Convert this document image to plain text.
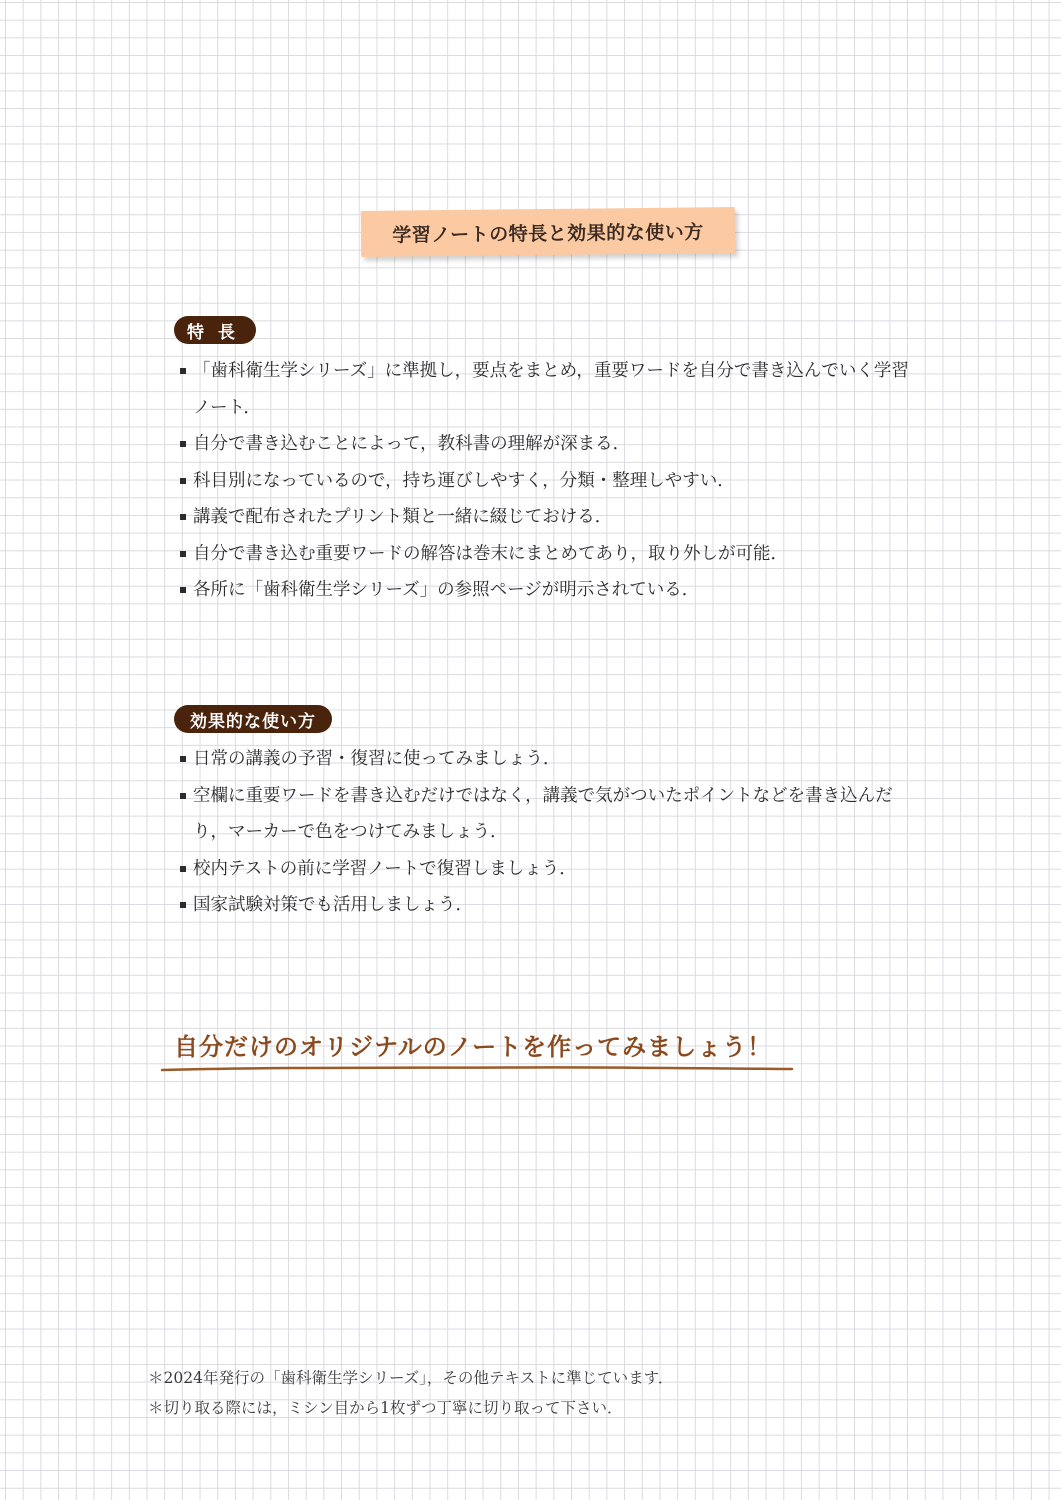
学習ノートの特長と効果的な使い方
特長
「歯科衛生学シリーズ」に準拠し，要点をまとめ，重要ワードを自分で書き込んでいく学習ノート．
自分で書き込むことによって，教科書の理解が深まる．
科目別になっているので，持ち運びしやすく，分類・整理しやすい．
講義で配布されたプリント類と一緒に綴じておける．
自分で書き込む重要ワードの解答は巻末にまとめてあり，取り外しが可能．
各所に「歯科衛生学シリーズ」の参照ページが明示されている．
効果的な使い方
日常の講義の予習・復習に使ってみましょう．
空欄に重要ワードを書き込むだけではなく，講義で気がついたポイントなどを書き込んだり，マーカーで色をつけてみましょう．
校内テストの前に学習ノートで復習しましょう．
国家試験対策でも活用しましょう．
自分だけのオリジナルのノートを作ってみましょう！
＊2024年発行の「歯科衛生学シリーズ」，その他テキストに準じています．
＊切り取る際には，ミシン目から1枚ずつ丁寧に切り取って下さい．
